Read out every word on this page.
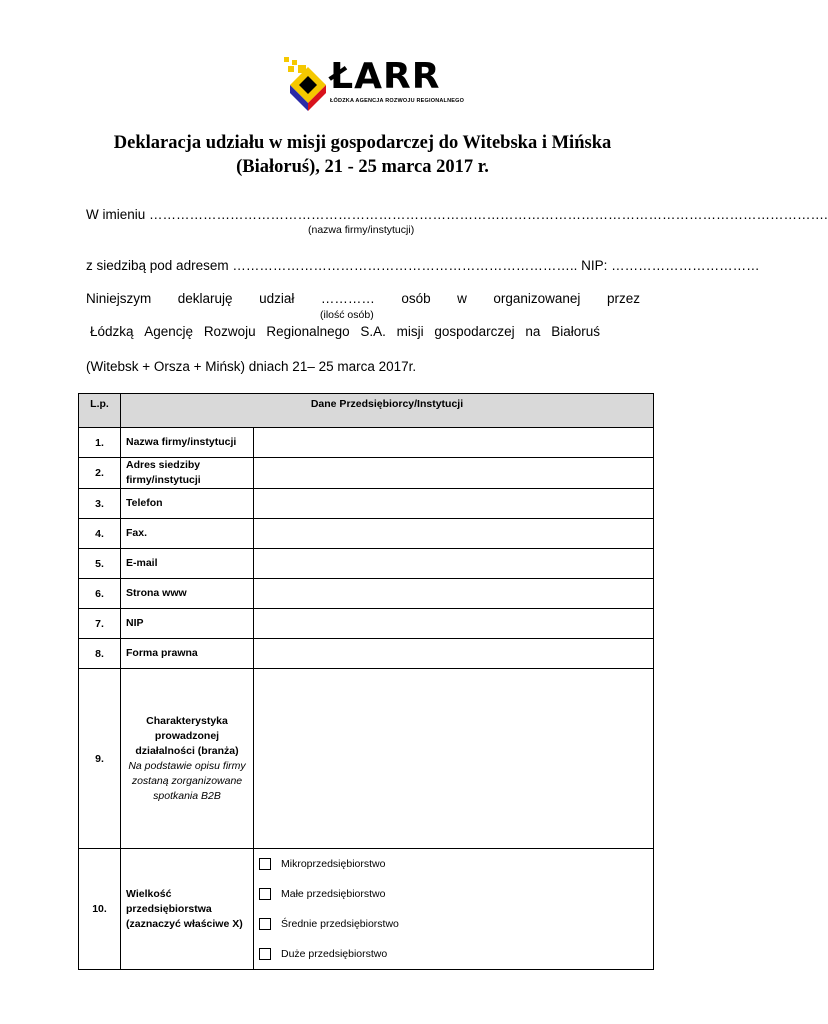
ŁARR
ŁÓDZKA AGENCJA ROZWOJU REGIONALNEGO
Deklaracja udziału w misji gospodarczej do Witebska i Mińska
(Białoruś), 21 - 25 marca 2017 r.
W imieniu …………………………………………………………………………………………………………………………………….
(nazwa firmy/instytucji)
z siedzibą pod adresem ………………………………………………………………….. NIP: ……………………………
Niniejszym deklaruję udział ………… osób w organizowanej przez
(ilość osób)
Łódzką Agencję Rozwoju Regionalnego S.A. misji gospodarczej na Białoruś
(Witebsk + Orsza + Mińsk) dniach 21– 25 marca 2017r.
L.p.	Dane Przedsiębiorcy/Instytucji	
1.	Nazwa firmy/instytucji	
2.	Adres siedziby firmy/instytucji	
3.	Telefon	
4.	Fax.	
5.	E-mail	
6.	Strona www	
7.	NIP	
8.	Forma prawna	
9.	Charakterystyka prowadzonej działalności (branża)
Na podstawie opisu firmy zostaną zorganizowane spotkania B2B	

10.	Wielkość przedsiębiorstwa (zaznaczyć właściwe X)	Mikroprzedsiębiorstwo
Małe przedsiębiorstwo
Średnie przedsiębiorstwo
Duże przedsiębiorstwo
